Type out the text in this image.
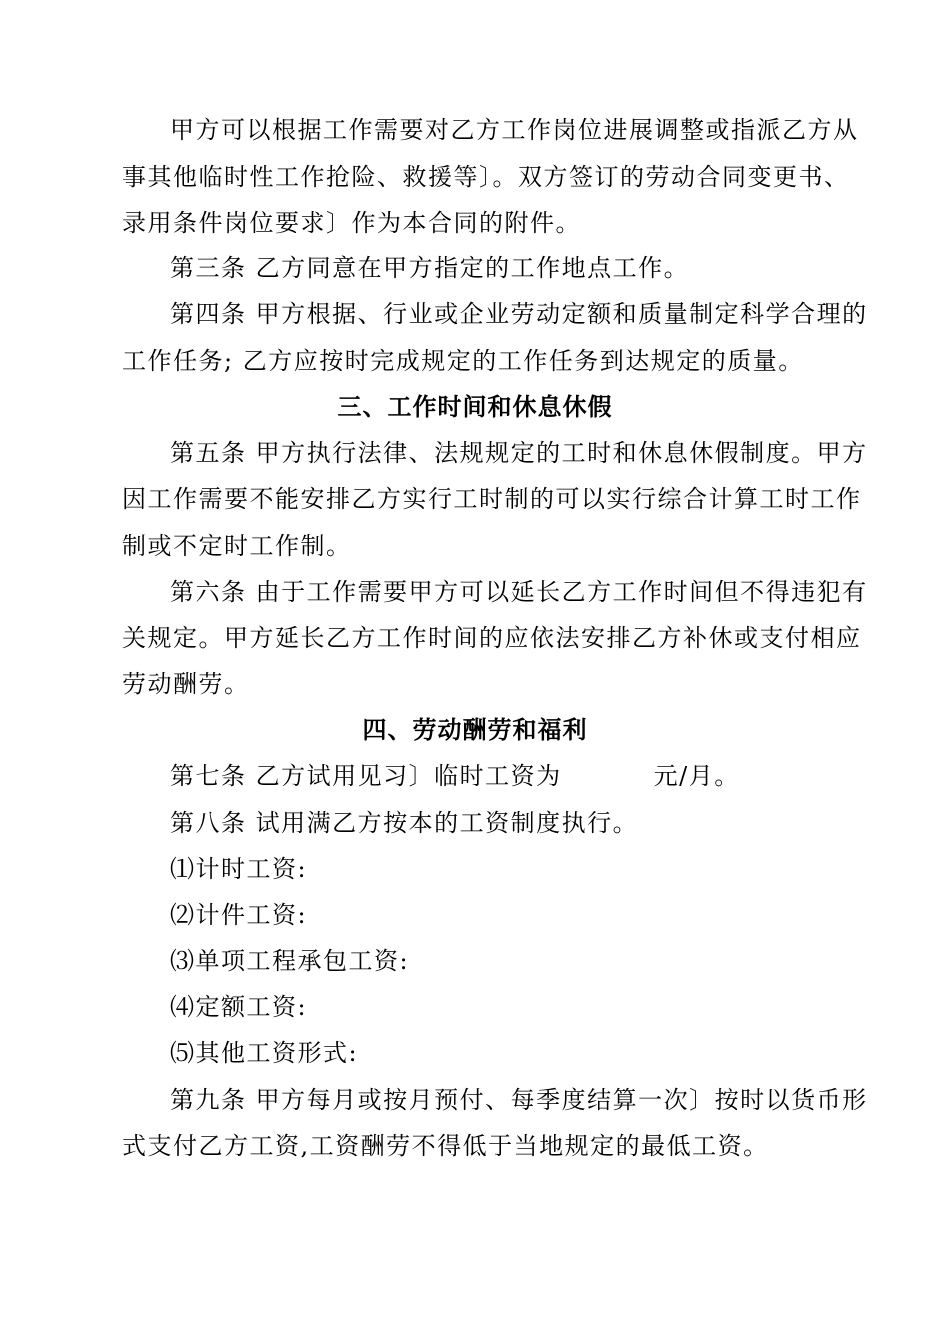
甲方可以根据工作需要对乙方工作岗位进展调整或指派乙方从
事其他临时性工作抢险、救援等〕。双方签订的劳动合同变更书、
录用条件岗位要求〕作为本合同的附件。
第三条 乙方同意在甲方指定的工作地点工作。
第四条 甲方根据、行业或企业劳动定额和质量制定科学合理的
工作任务; 乙方应按时完成规定的工作任务到达规定的质量。
三、工作时间和休息休假
第五条 甲方执行法律、法规规定的工时和休息休假制度。甲方
因工作需要不能安排乙方实行工时制的可以实行综合计算工时工作
制或不定时工作制。
第六条 由于工作需要甲方可以延长乙方工作时间但不得违犯有
关规定。甲方延长乙方工作时间的应依法安排乙方补休或支付相应
劳动酬劳。
四、劳动酬劳和福利
第七条 乙方试用见习〕临时工资为	元/月。
第八条 试用满乙方按本的工资制度执行。
⑴计时工资:
⑵计件工资:
⑶单项工程承包工资:
⑷定额工资:
⑸其他工资形式:
第九条 甲方每月或按月预付、每季度结算一次〕按时以货币形
式支付乙方工资,工资酬劳不得低于当地规定的最低工资。
